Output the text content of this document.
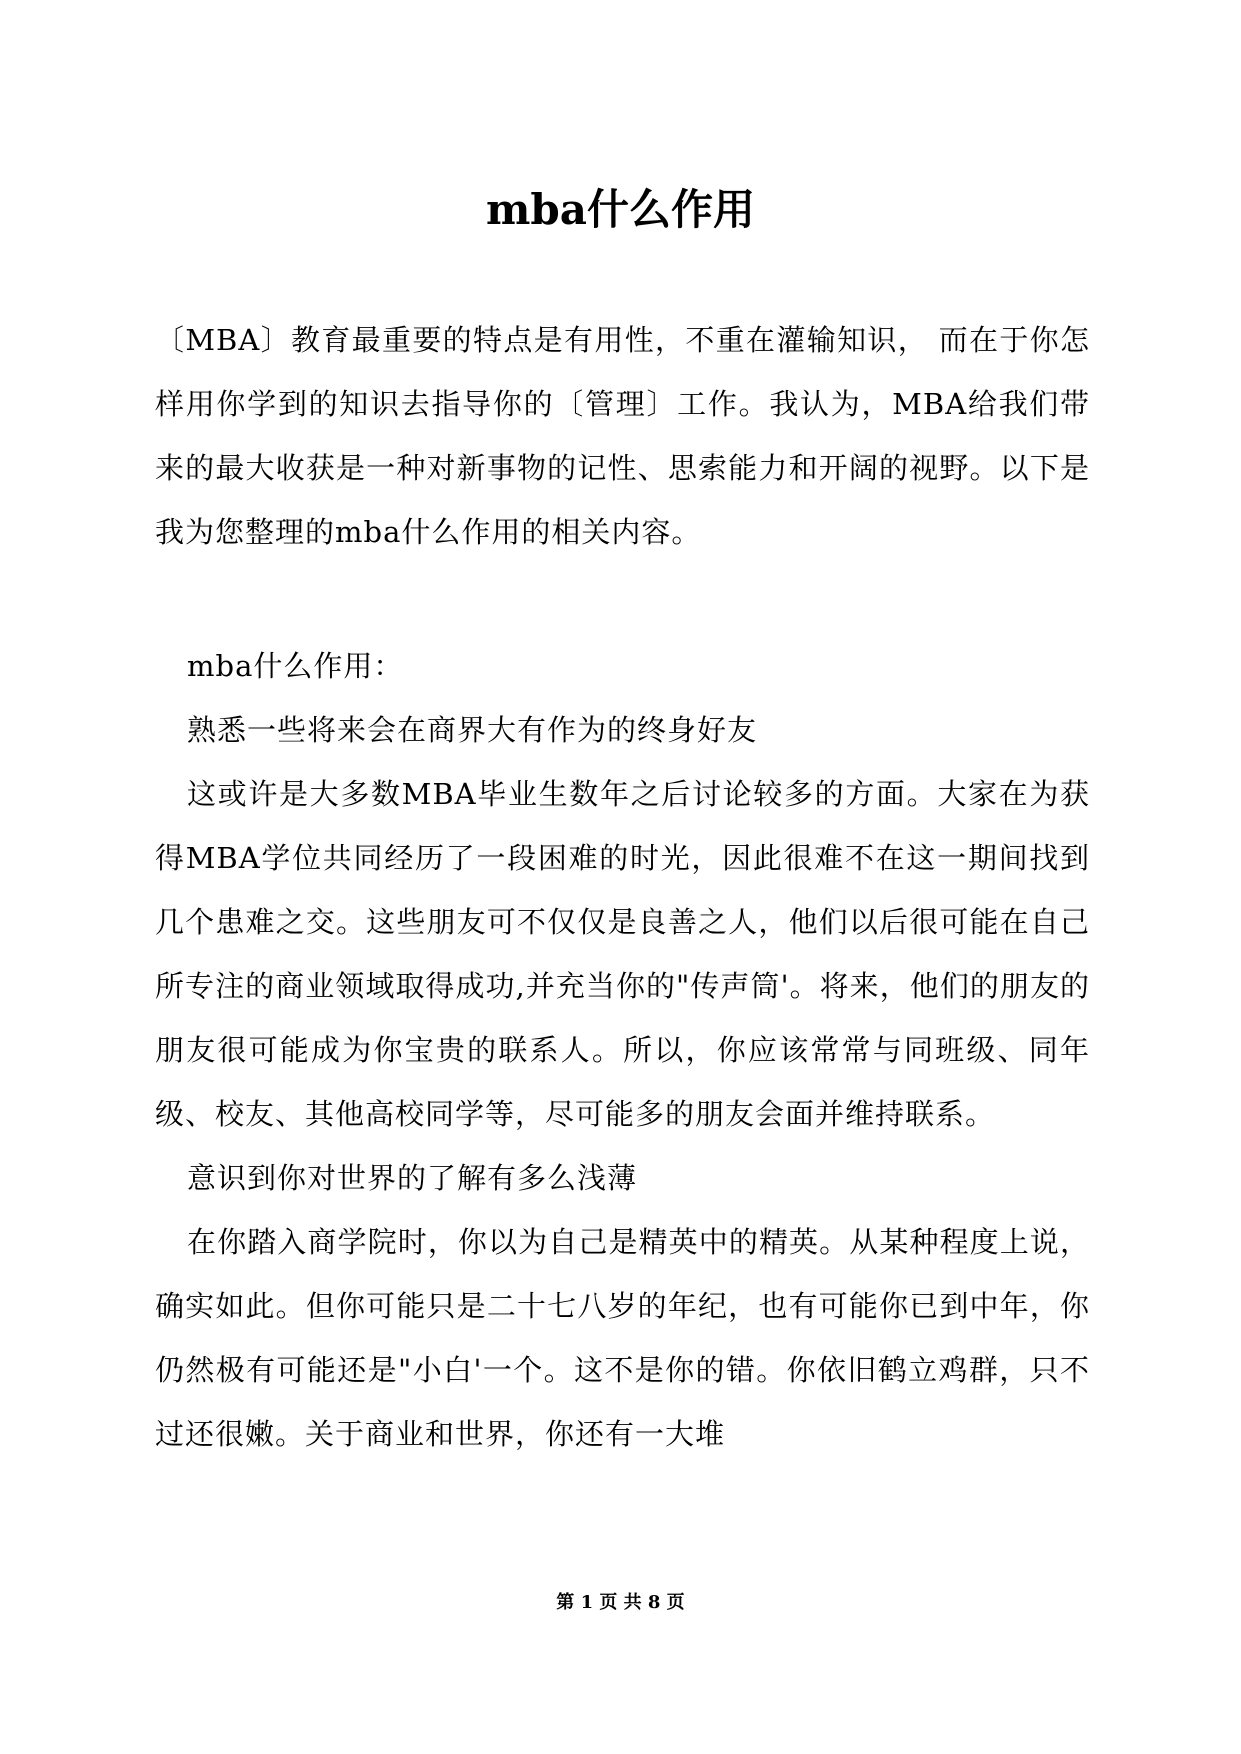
mba什么作用

〔MBA〕教育最重要的特点是有用性，不重在灌输知识， 而在于你怎样用你学到的知识去指导你的〔管理〕工作。我认为，MBA给我们带来的最大收获是一种对新事物的记性、思索能力和开阔的视野。以下是我为您整理的mba什么作用的相关内容。

mba什么作用：

熟悉一些将来会在商界大有作为的终身好友

这或许是大多数MBA毕业生数年之后讨论较多的方面。大家在为获得MBA学位共同经历了一段困难的时光，因此很难不在这一期间找到几个患难之交。这些朋友可不仅仅是良善之人，他们以后很可能在自己所专注的商业领域取得成功,并充当你的"传声筒'。将来，他们的朋友的朋友很可能成为你宝贵的联系人。所以，你应该常常与同班级、同年级、校友、其他高校同学等，尽可能多的朋友会面并维持联系。

意识到你对世界的了解有多么浅薄

在你踏入商学院时，你以为自己是精英中的精英。从某种程度上说，确实如此。但你可能只是二十七八岁的年纪，也有可能你已到中年，你仍然极有可能还是"小白'一个。这不是你的错。你依旧鹤立鸡群，只不过还很嫩。关于商业和世界，你还有一大堆

第 1 页 共 8 页
